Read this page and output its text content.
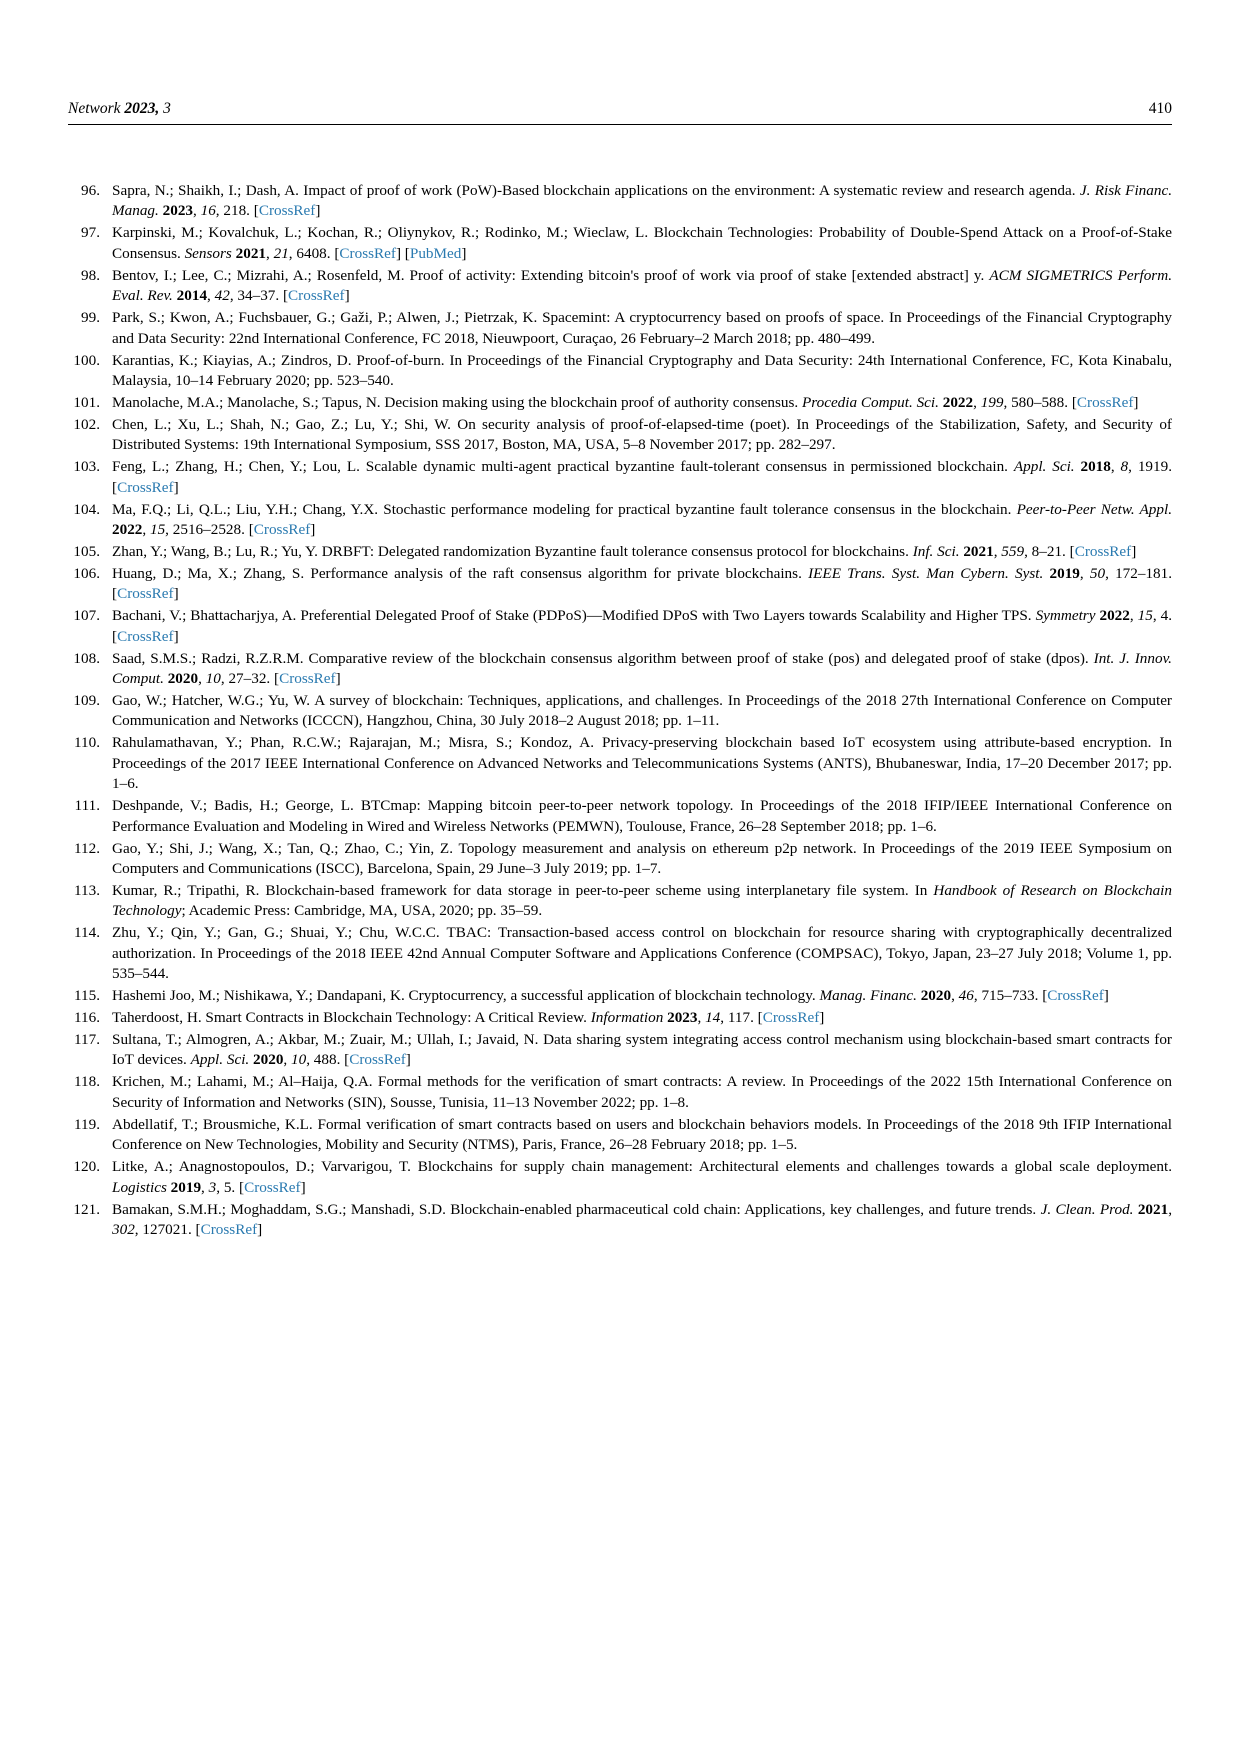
Network 2023, 3	410
96. Sapra, N.; Shaikh, I.; Dash, A. Impact of proof of work (PoW)-Based blockchain applications on the environment: A systematic review and research agenda. J. Risk Financ. Manag. 2023, 16, 218. [CrossRef]
97. Karpinski, M.; Kovalchuk, L.; Kochan, R.; Oliynykov, R.; Rodinko, M.; Wieclaw, L. Blockchain Technologies: Probability of Double-Spend Attack on a Proof-of-Stake Consensus. Sensors 2021, 21, 6408. [CrossRef] [PubMed]
98. Bentov, I.; Lee, C.; Mizrahi, A.; Rosenfeld, M. Proof of activity: Extending bitcoin's proof of work via proof of stake [extended abstract] y. ACM SIGMETRICS Perform. Eval. Rev. 2014, 42, 34–37. [CrossRef]
99. Park, S.; Kwon, A.; Fuchsbauer, G.; Gaži, P.; Alwen, J.; Pietrzak, K. Spacemint: A cryptocurrency based on proofs of space. In Proceedings of the Financial Cryptography and Data Security: 22nd International Conference, FC 2018, Nieuwpoort, Curaçao, 26 February–2 March 2018; pp. 480–499.
100. Karantias, K.; Kiayias, A.; Zindros, D. Proof-of-burn. In Proceedings of the Financial Cryptography and Data Security: 24th International Conference, FC, Kota Kinabalu, Malaysia, 10–14 February 2020; pp. 523–540.
101. Manolache, M.A.; Manolache, S.; Tapus, N. Decision making using the blockchain proof of authority consensus. Procedia Comput. Sci. 2022, 199, 580–588. [CrossRef]
102. Chen, L.; Xu, L.; Shah, N.; Gao, Z.; Lu, Y.; Shi, W. On security analysis of proof-of-elapsed-time (poet). In Proceedings of the Stabilization, Safety, and Security of Distributed Systems: 19th International Symposium, SSS 2017, Boston, MA, USA, 5–8 November 2017; pp. 282–297.
103. Feng, L.; Zhang, H.; Chen, Y.; Lou, L. Scalable dynamic multi-agent practical byzantine fault-tolerant consensus in permissioned blockchain. Appl. Sci. 2018, 8, 1919. [CrossRef]
104. Ma, F.Q.; Li, Q.L.; Liu, Y.H.; Chang, Y.X. Stochastic performance modeling for practical byzantine fault tolerance consensus in the blockchain. Peer-to-Peer Netw. Appl. 2022, 15, 2516–2528. [CrossRef]
105. Zhan, Y.; Wang, B.; Lu, R.; Yu, Y. DRBFT: Delegated randomization Byzantine fault tolerance consensus protocol for blockchains. Inf. Sci. 2021, 559, 8–21. [CrossRef]
106. Huang, D.; Ma, X.; Zhang, S. Performance analysis of the raft consensus algorithm for private blockchains. IEEE Trans. Syst. Man Cybern. Syst. 2019, 50, 172–181. [CrossRef]
107. Bachani, V.; Bhattacharjya, A. Preferential Delegated Proof of Stake (PDPoS)—Modified DPoS with Two Layers towards Scalability and Higher TPS. Symmetry 2022, 15, 4. [CrossRef]
108. Saad, S.M.S.; Radzi, R.Z.R.M. Comparative review of the blockchain consensus algorithm between proof of stake (pos) and delegated proof of stake (dpos). Int. J. Innov. Comput. 2020, 10, 27–32. [CrossRef]
109. Gao, W.; Hatcher, W.G.; Yu, W. A survey of blockchain: Techniques, applications, and challenges. In Proceedings of the 2018 27th International Conference on Computer Communication and Networks (ICCCN), Hangzhou, China, 30 July 2018–2 August 2018; pp. 1–11.
110. Rahulamathavan, Y.; Phan, R.C.W.; Rajarajan, M.; Misra, S.; Kondoz, A. Privacy-preserving blockchain based IoT ecosystem using attribute-based encryption. In Proceedings of the 2017 IEEE International Conference on Advanced Networks and Telecommunications Systems (ANTS), Bhubaneswar, India, 17–20 December 2017; pp. 1–6.
111. Deshpande, V.; Badis, H.; George, L. BTCmap: Mapping bitcoin peer-to-peer network topology. In Proceedings of the 2018 IFIP/IEEE International Conference on Performance Evaluation and Modeling in Wired and Wireless Networks (PEMWN), Toulouse, France, 26–28 September 2018; pp. 1–6.
112. Gao, Y.; Shi, J.; Wang, X.; Tan, Q.; Zhao, C.; Yin, Z. Topology measurement and analysis on ethereum p2p network. In Proceedings of the 2019 IEEE Symposium on Computers and Communications (ISCC), Barcelona, Spain, 29 June–3 July 2019; pp. 1–7.
113. Kumar, R.; Tripathi, R. Blockchain-based framework for data storage in peer-to-peer scheme using interplanetary file system. In Handbook of Research on Blockchain Technology; Academic Press: Cambridge, MA, USA, 2020; pp. 35–59.
114. Zhu, Y.; Qin, Y.; Gan, G.; Shuai, Y.; Chu, W.C.C. TBAC: Transaction-based access control on blockchain for resource sharing with cryptographically decentralized authorization. In Proceedings of the 2018 IEEE 42nd Annual Computer Software and Applications Conference (COMPSAC), Tokyo, Japan, 23–27 July 2018; Volume 1, pp. 535–544.
115. Hashemi Joo, M.; Nishikawa, Y.; Dandapani, K. Cryptocurrency, a successful application of blockchain technology. Manag. Financ. 2020, 46, 715–733. [CrossRef]
116. Taherdoost, H. Smart Contracts in Blockchain Technology: A Critical Review. Information 2023, 14, 117. [CrossRef]
117. Sultana, T.; Almogren, A.; Akbar, M.; Zuair, M.; Ullah, I.; Javaid, N. Data sharing system integrating access control mechanism using blockchain-based smart contracts for IoT devices. Appl. Sci. 2020, 10, 488. [CrossRef]
118. Krichen, M.; Lahami, M.; Al–Haija, Q.A. Formal methods for the verification of smart contracts: A review. In Proceedings of the 2022 15th International Conference on Security of Information and Networks (SIN), Sousse, Tunisia, 11–13 November 2022; pp. 1–8.
119. Abdellatif, T.; Brousmiche, K.L. Formal verification of smart contracts based on users and blockchain behaviors models. In Proceedings of the 2018 9th IFIP International Conference on New Technologies, Mobility and Security (NTMS), Paris, France, 26–28 February 2018; pp. 1–5.
120. Litke, A.; Anagnostopoulos, D.; Varvarigou, T. Blockchains for supply chain management: Architectural elements and challenges towards a global scale deployment. Logistics 2019, 3, 5. [CrossRef]
121. Bamakan, S.M.H.; Moghaddam, S.G.; Manshadi, S.D. Blockchain-enabled pharmaceutical cold chain: Applications, key challenges, and future trends. J. Clean. Prod. 2021, 302, 127021. [CrossRef]
